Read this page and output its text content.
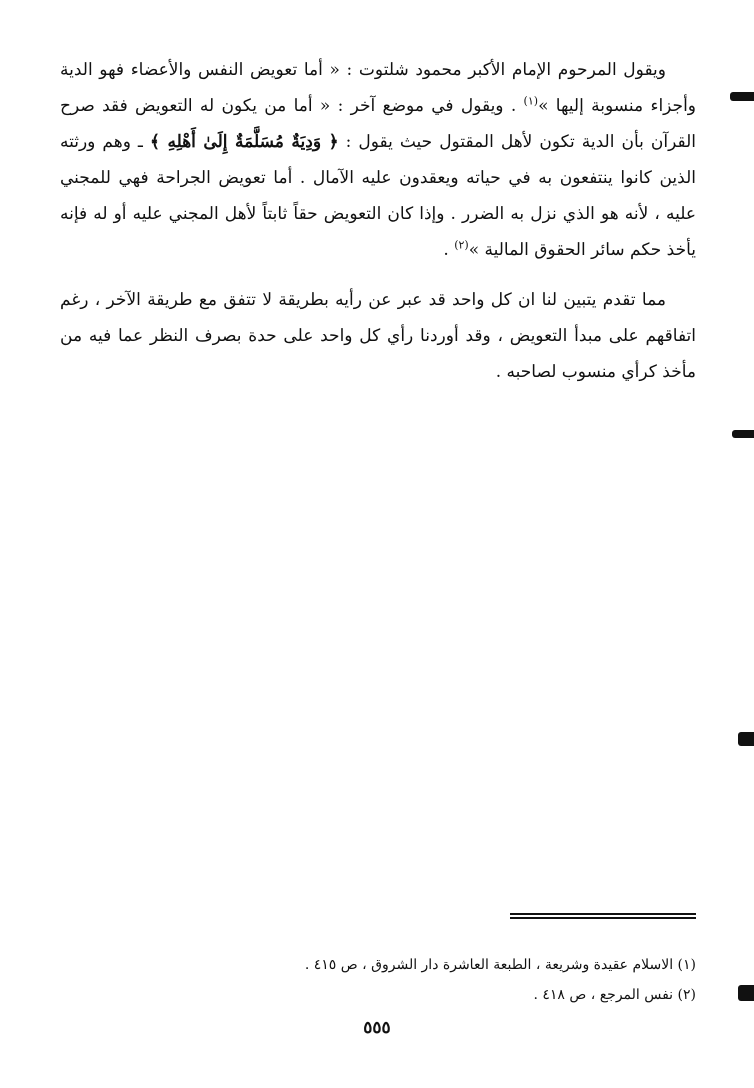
ويقول المرحوم الإمام الأكبر محمود شلتوت : « أما تعويض النفس والأعضاء فهو الدية وأجزاء منسوبة إليها »$^{(١)}$ . ويقول في موضع آخر : « أما من يكون له التعويض فقد صرح القرآن بأن الدية تكون لأهل المقتول حيث يقول : ﴿ وَدِيَةٌ مُسَلَّمَةٌ إِلَىٰ أَهْلِهِ ﴾ ـ وهم ورثته الذين كانوا ينتفعون به في حياته ويعقدون عليه الآمال . أما تعويض الجراحة فهي للمجني عليه ، لأنه هو الذي نزل به الضرر . وإذا كان التعويض حقاً ثابتاً لأهل المجني عليه أو له فإنه يأخذ حكم سائر الحقوق المالية »$^{(٢)}$ .

مما تقدم يتبين لنا ان كل واحد قد عبر عن رأيه بطريقة لا تتفق مع طريقة الآخر ، رغم اتفاقهم على مبدأ التعويض ، وقد أوردنا رأي كل واحد على حدة بصرف النظر عما فيه من مأخذ كرأي منسوب لصاحبه .

(١) الاسلام عقيدة وشريعة ، الطبعة العاشرة دار الشروق ، ص ٤١٥ .

(٢) نفس المرجع ، ص ٤١٨ .

٥٥٥
